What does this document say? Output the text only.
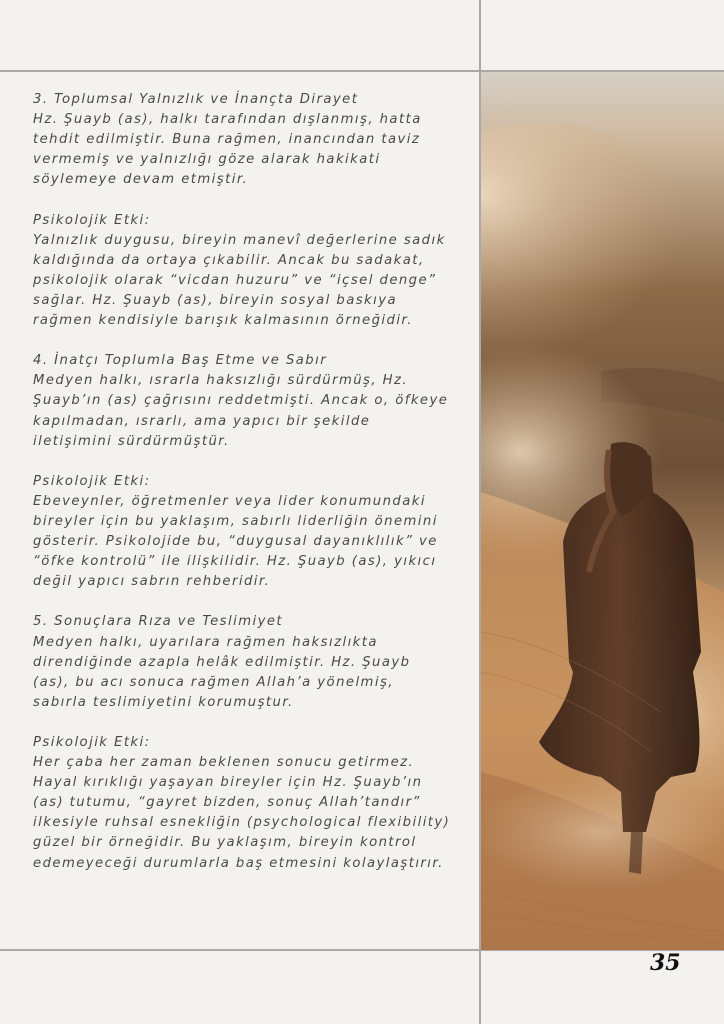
3. Toplumsal Yalnızlık ve İnançta Dirayet
Hz. Şuayb (as), halkı tarafından dışlanmış, hatta
tehdit edilmiştir. Buna rağmen, inancından taviz
vermemiş ve yalnızlığı göze alarak hakikati
söylemeye devam etmiştir.
Psikolojik Etki:
Yalnızlık duygusu, bireyin manevî değerlerine sadık
kaldığında da ortaya çıkabilir. Ancak bu sadakat,
psikolojik olarak “vicdan huzuru” ve “içsel denge”
sağlar. Hz. Şuayb (as), bireyin sosyal baskıya
rağmen kendisiyle barışık kalmasının örneğidir.
4. İnatçı Toplumla Baş Etme ve Sabır
Medyen halkı, ısrarla haksızlığı sürdürmüş, Hz.
Şuayb’ın (as) çağrısını reddetmişti. Ancak o, öfkeye
kapılmadan, ısrarlı, ama yapıcı bir şekilde
iletişimini sürdürmüştür.
Psikolojik Etki:
Ebeveynler, öğretmenler veya lider konumundaki
bireyler için bu yaklaşım, sabırlı liderliğin önemini
gösterir. Psikolojide bu, “duygusal dayanıklılık” ve
“öfke kontrolü” ile ilişkilidir. Hz. Şuayb (as), yıkıcı
değil yapıcı sabrın rehberidir.
5. Sonuçlara Rıza ve Teslimiyet
Medyen halkı, uyarılara rağmen haksızlıkta
direndiğinde azapla helâk edilmiştir. Hz. Şuayb
(as), bu acı sonuca rağmen Allah’a yönelmiş,
sabırla teslimiyetini korumuştur.
Psikolojik Etki:
Her çaba her zaman beklenen sonucu getirmez.
Hayal kırıklığı yaşayan bireyler için Hz. Şuayb’ın
(as) tutumu, “gayret bizden, sonuç Allah’tandır”
ilkesiyle ruhsal esnekliğin (psychological flexibility)
güzel bir örneğidir. Bu yaklaşım, bireyin kontrol
edemeyeceği durumlarla baş etmesini kolaylaştırır.
35
